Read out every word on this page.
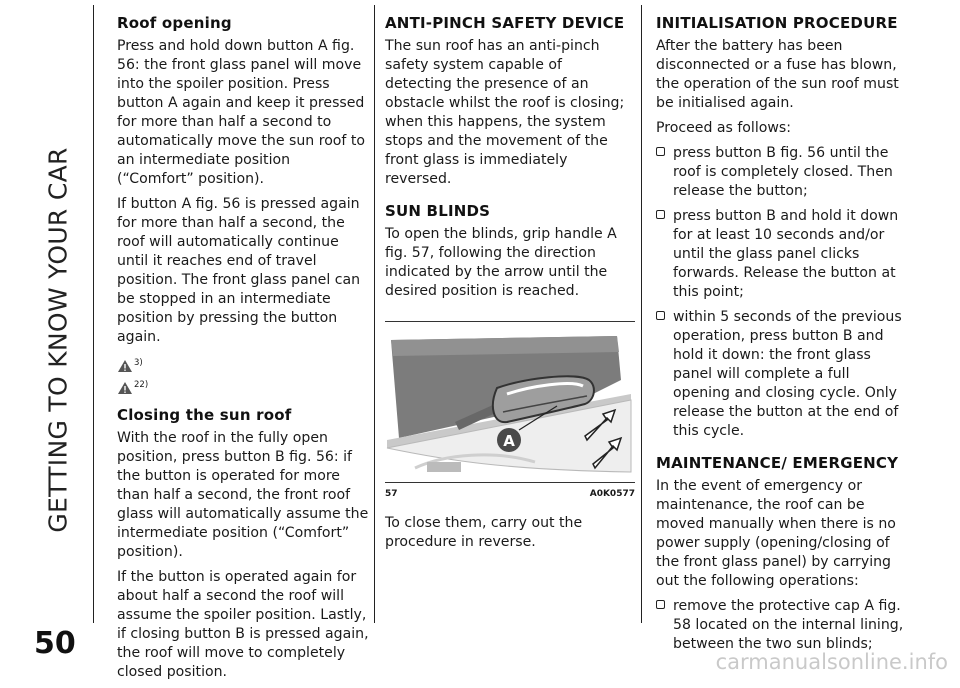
GETTING TO KNOW YOUR CAR
50
Roof opening

Press and hold down button A fig. 56: the front glass panel will move into the spoiler position. Press button A again and keep it pressed for more than half a second to automatically move the sun roof to an intermediate position (“Comfort” position).

If button A fig. 56 is pressed again for more than half a second, the roof will automatically continue until it reaches end of travel position. The front glass panel can be stopped in an intermediate position by pressing the button again.

3)
22)
Closing the sun roof

With the roof in the fully open position, press button B fig. 56: if the button is operated for more than half a second, the front roof glass will automatically assume the intermediate position (“Comfort” position).

If the button is operated again for about half a second the roof will assume the spoiler position. Lastly, if closing button B is pressed again, the roof will move to completely closed position.

ANTI-PINCH SAFETY DEVICE

The sun roof has an anti-pinch safety system capable of detecting the presence of an obstacle whilst the roof is closing; when this happens, the system stops and the movement of the front glass is immediately reversed.

SUN BLINDS

To open the blinds, grip handle A fig. 57, following the direction indicated by the arrow until the desired position is reached.

A
57	A0K0577

To close them, carry out the procedure in reverse.

INITIALISATION PROCEDURE

After the battery has been disconnected or a fuse has blown, the operation of the sun roof must be initialised again.

Proceed as follows:

press button B fig. 56 until the roof is completely closed. Then release the button;
press button B and hold it down for at least 10 seconds and/or until the glass panel clicks forwards. Release the button at this point;
within 5 seconds of the previous operation, press button B and hold it down: the front glass panel will complete a full opening and closing cycle. Only release the button at the end of this cycle.
MAINTENANCE/ EMERGENCY

In the event of emergency or maintenance, the roof can be moved manually when there is no power supply (opening/closing of the front glass panel) by carrying out the following operations:

remove the protective cap A fig. 58 located on the internal lining, between the two sun blinds;
carmanualsonline.info
